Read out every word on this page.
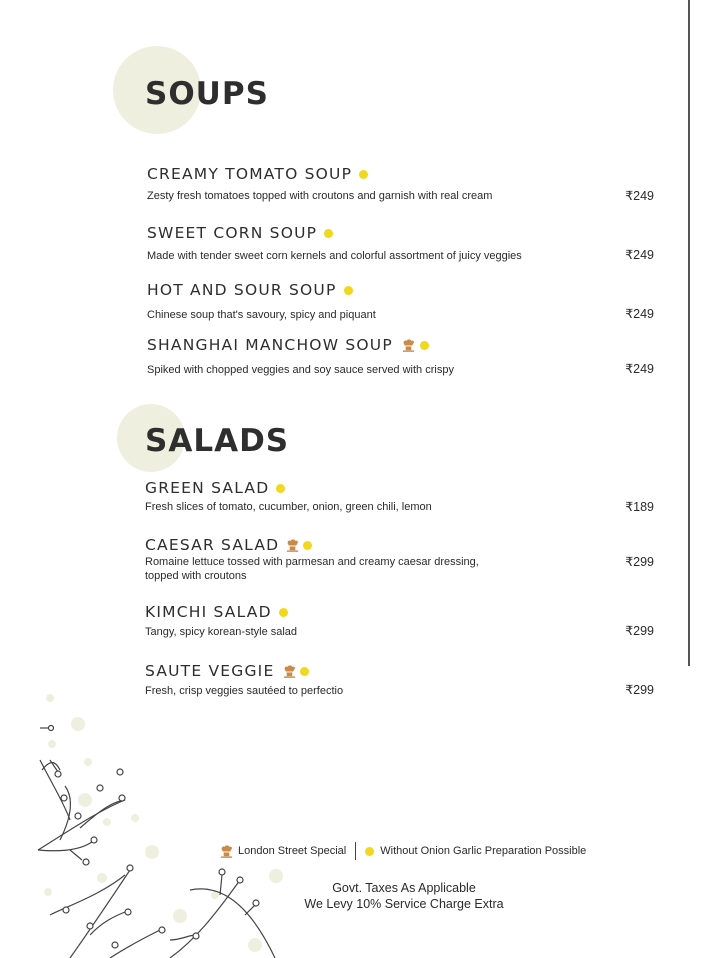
SOUPS
CREAMY TOMATO SOUP
Zesty fresh tomatoes topped with croutons and garnish with real cream	₹249
SWEET CORN SOUP
Made with tender sweet corn kernels and colorful assortment of juicy veggies	₹249
HOT AND SOUR SOUP
Chinese soup that's savoury, spicy and piquant	₹249
SHANGHAI MANCHOW SOUP
Spiked with chopped veggies and soy sauce served with crispy	₹249
SALADS
GREEN SALAD
Fresh slices of tomato, cucumber, onion, green chili, lemon	₹189
CAESAR SALAD
Romaine lettuce tossed with parmesan and creamy caesar dressing,
topped with croutons
₹299
KIMCHI SALAD
Tangy, spicy korean-style salad	₹299
SAUTE VEGGIE
Fresh, crisp veggies sautéed to perfectio	₹299
London Street Special	Without Onion Garlic Preparation Possible
Govt. Taxes As Applicable
We Levy 10% Service Charge Extra
